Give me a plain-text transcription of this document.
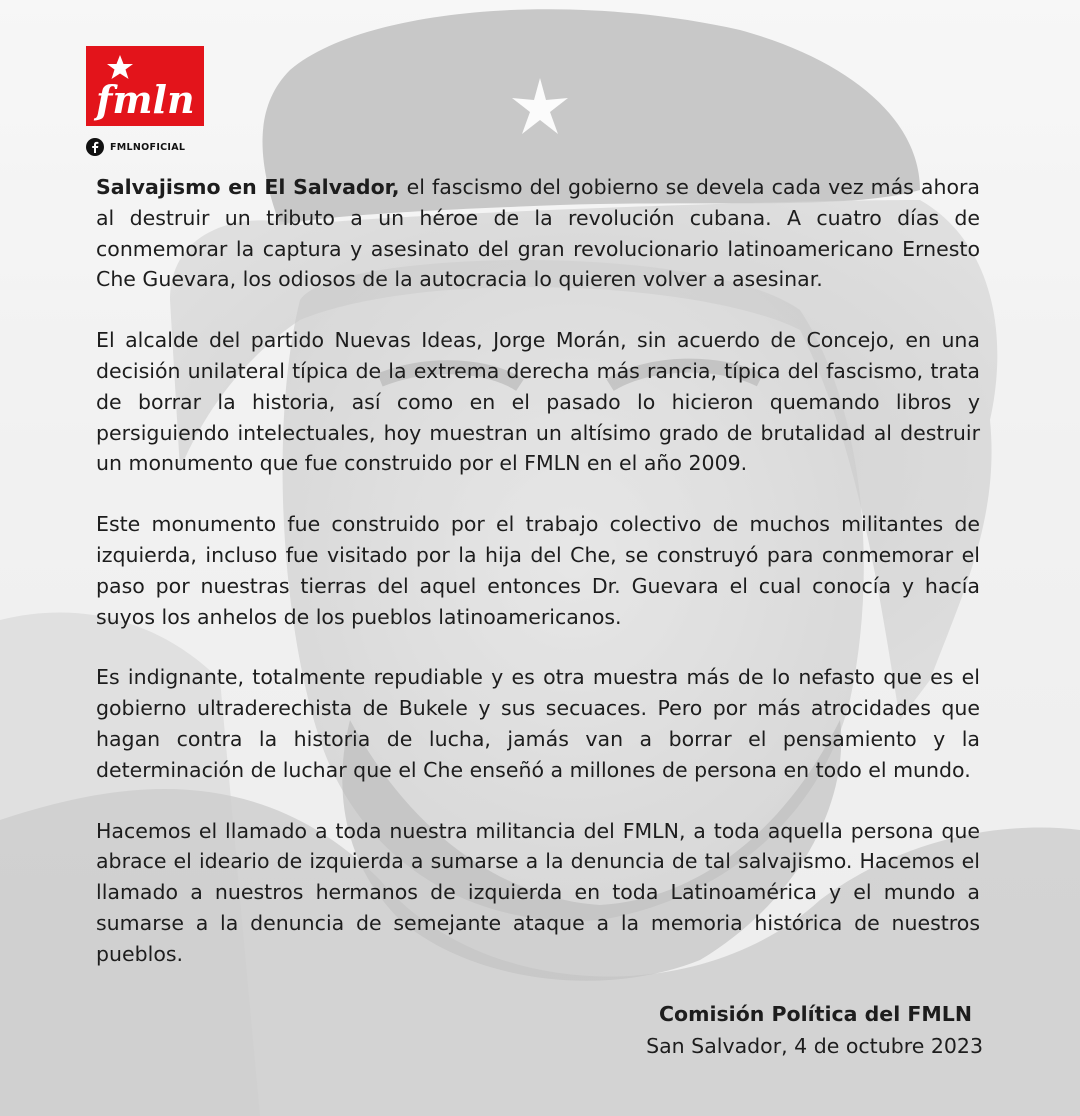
fmln
FMLNOFICIAL

Salvajismo en El Salvador, el fascismo del gobierno se devela cada vez más ahora al destruir un tributo a un héroe de la revolución cubana. A cuatro días de conmemorar la captura y asesinato del gran revolucionario latinoamericano Ernesto Che Guevara, los odiosos de la autocracia lo quieren volver a asesinar.

El alcalde del partido Nuevas Ideas, Jorge Morán, sin acuerdo de Concejo, en una decisión unilateral típica de la extrema derecha más rancia, típica del fascismo, trata de borrar la historia, así como en el pasado lo hicieron quemando libros y persiguiendo intelectuales, hoy muestran un altísimo grado de brutalidad al destruir un monumento que fue construido por el FMLN en el año 2009.

Este monumento fue construido por el trabajo colectivo de muchos militantes de izquierda, incluso fue visitado por la hija del Che, se construyó para conmemorar el paso por nuestras tierras del aquel entonces Dr. Guevara el cual conocía y hacía suyos los anhelos de los pueblos latinoamericanos.

Es indignante, totalmente repudiable y es otra muestra más de lo nefasto que es el gobierno ultraderechista de Bukele y sus secuaces. Pero por más atrocidades que hagan contra la historia de lucha, jamás van a borrar el pensamiento y la determinación de luchar que el Che enseñó a millones de persona en todo el mundo.

Hacemos el llamado a toda nuestra militancia del FMLN, a toda aquella persona que abrace el ideario de izquierda a sumarse a la denuncia de tal salvajismo. Hacemos el llamado a nuestros hermanos de izquierda en toda Latinoamérica y el mundo a sumarse a la denuncia de semejante ataque a la memoria histórica de nuestros pueblos.

Comisión Política del FMLN
San Salvador, 4 de octubre 2023
